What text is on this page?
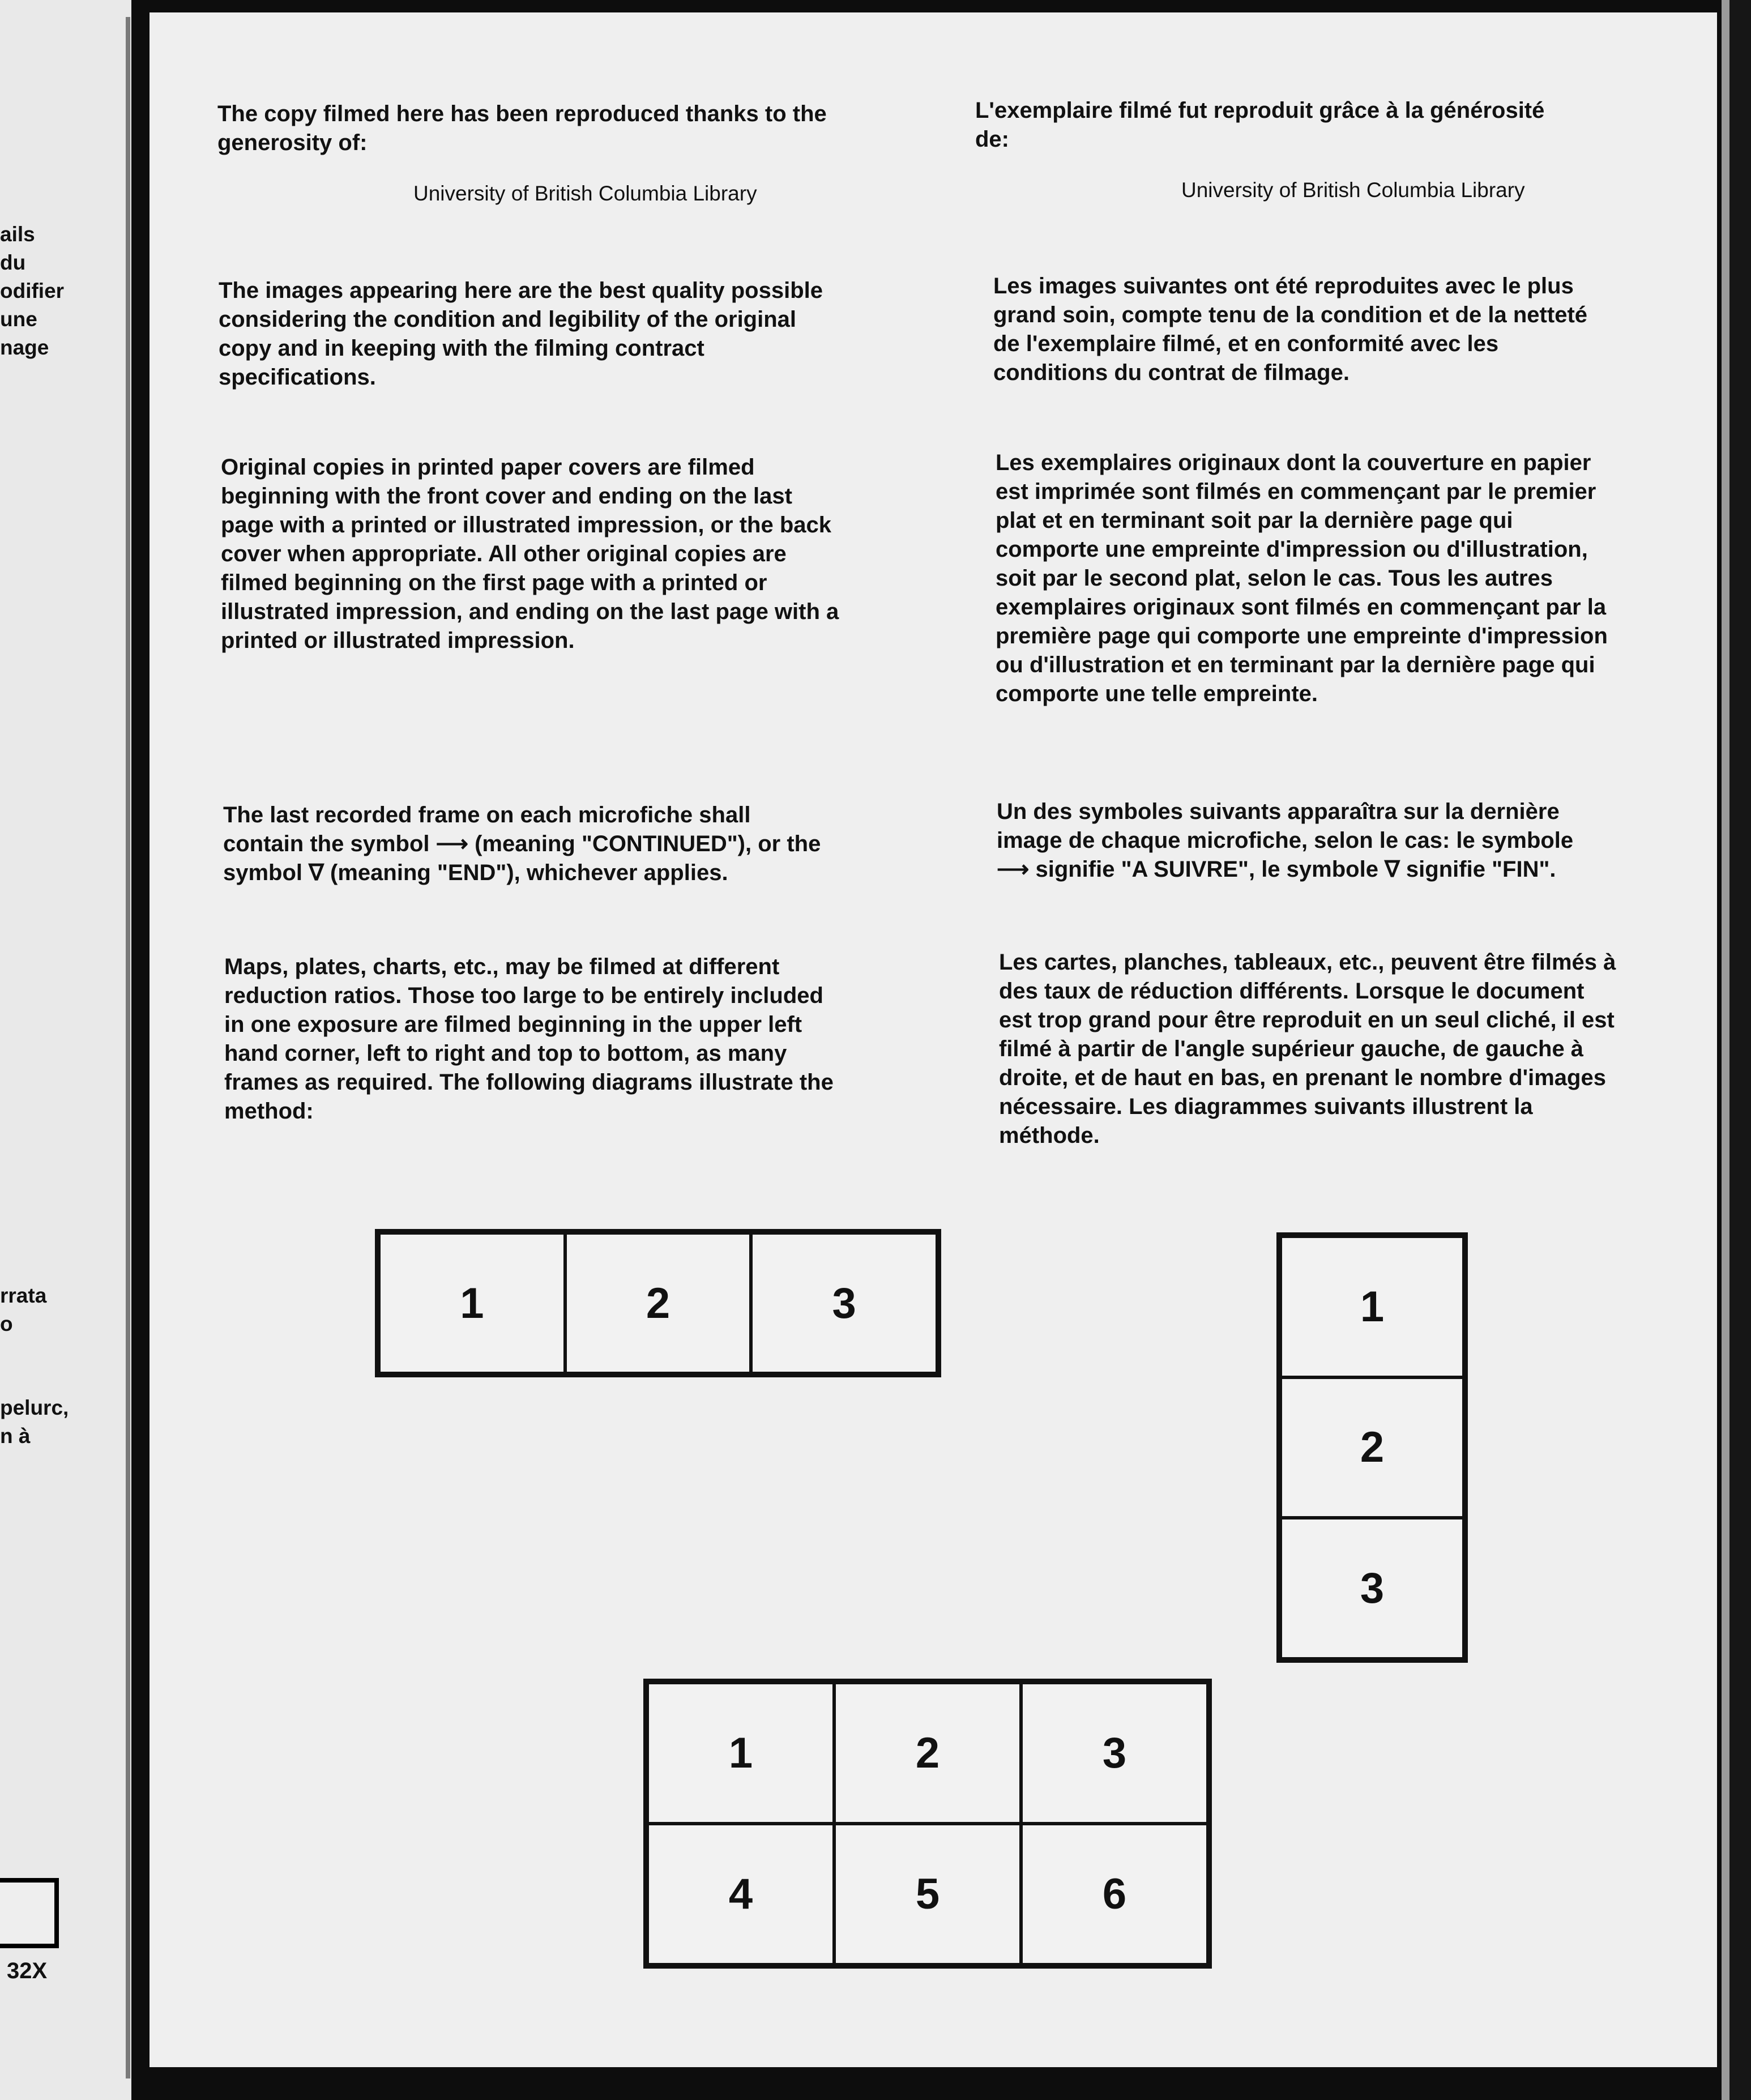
ails
du
odifier
une
nage
rrata
o
pelurc,
n à
32X

The copy filmed here has been reproduced thanks to the generosity of:

University of British Columbia Library

The images appearing here are the best quality possible considering the condition and legibility of the original copy and in keeping with the filming contract specifications.

Original copies in printed paper covers are filmed beginning with the front cover and ending on the last page with a printed or illustrated impression, or the back cover when appropriate. All other original copies are filmed beginning on the first page with a printed or illustrated impression, and ending on the last page with a printed or illustrated impression.

The last recorded frame on each microfiche shall contain the symbol ⟶ (meaning "CONTINUED"), or the symbol ∇ (meaning "END"), whichever applies.

Maps, plates, charts, etc., may be filmed at different reduction ratios. Those too large to be entirely included in one exposure are filmed beginning in the upper left hand corner, left to right and top to bottom, as many frames as required. The following diagrams illustrate the method:

L'exemplaire filmé fut reproduit grâce à la générosité de:

University of British Columbia Library

Les images suivantes ont été reproduites avec le plus grand soin, compte tenu de la condition et de la netteté de l'exemplaire filmé, et en conformité avec les conditions du contrat de filmage.

Les exemplaires originaux dont la couverture en papier est imprimée sont filmés en commençant par le premier plat et en terminant soit par la dernière page qui comporte une empreinte d'impression ou d'illustration, soit par le second plat, selon le cas. Tous les autres exemplaires originaux sont filmés en commençant par la première page qui comporte une empreinte d'impression ou d'illustration et en terminant par la dernière page qui comporte une telle empreinte.

Un des symboles suivants apparaîtra sur la dernière image de chaque microfiche, selon le cas: le symbole ⟶ signifie "A SUIVRE", le symbole ∇ signifie "FIN".

Les cartes, planches, tableaux, etc., peuvent être filmés à des taux de réduction différents. Lorsque le document est trop grand pour être reproduit en un seul cliché, il est filmé à partir de l'angle supérieur gauche, de gauche à droite, et de haut en bas, en prenant le nombre d'images nécessaire. Les diagrammes suivants illustrent la méthode.

1	2	3	1
2
3
1	2	3
4	5	6
